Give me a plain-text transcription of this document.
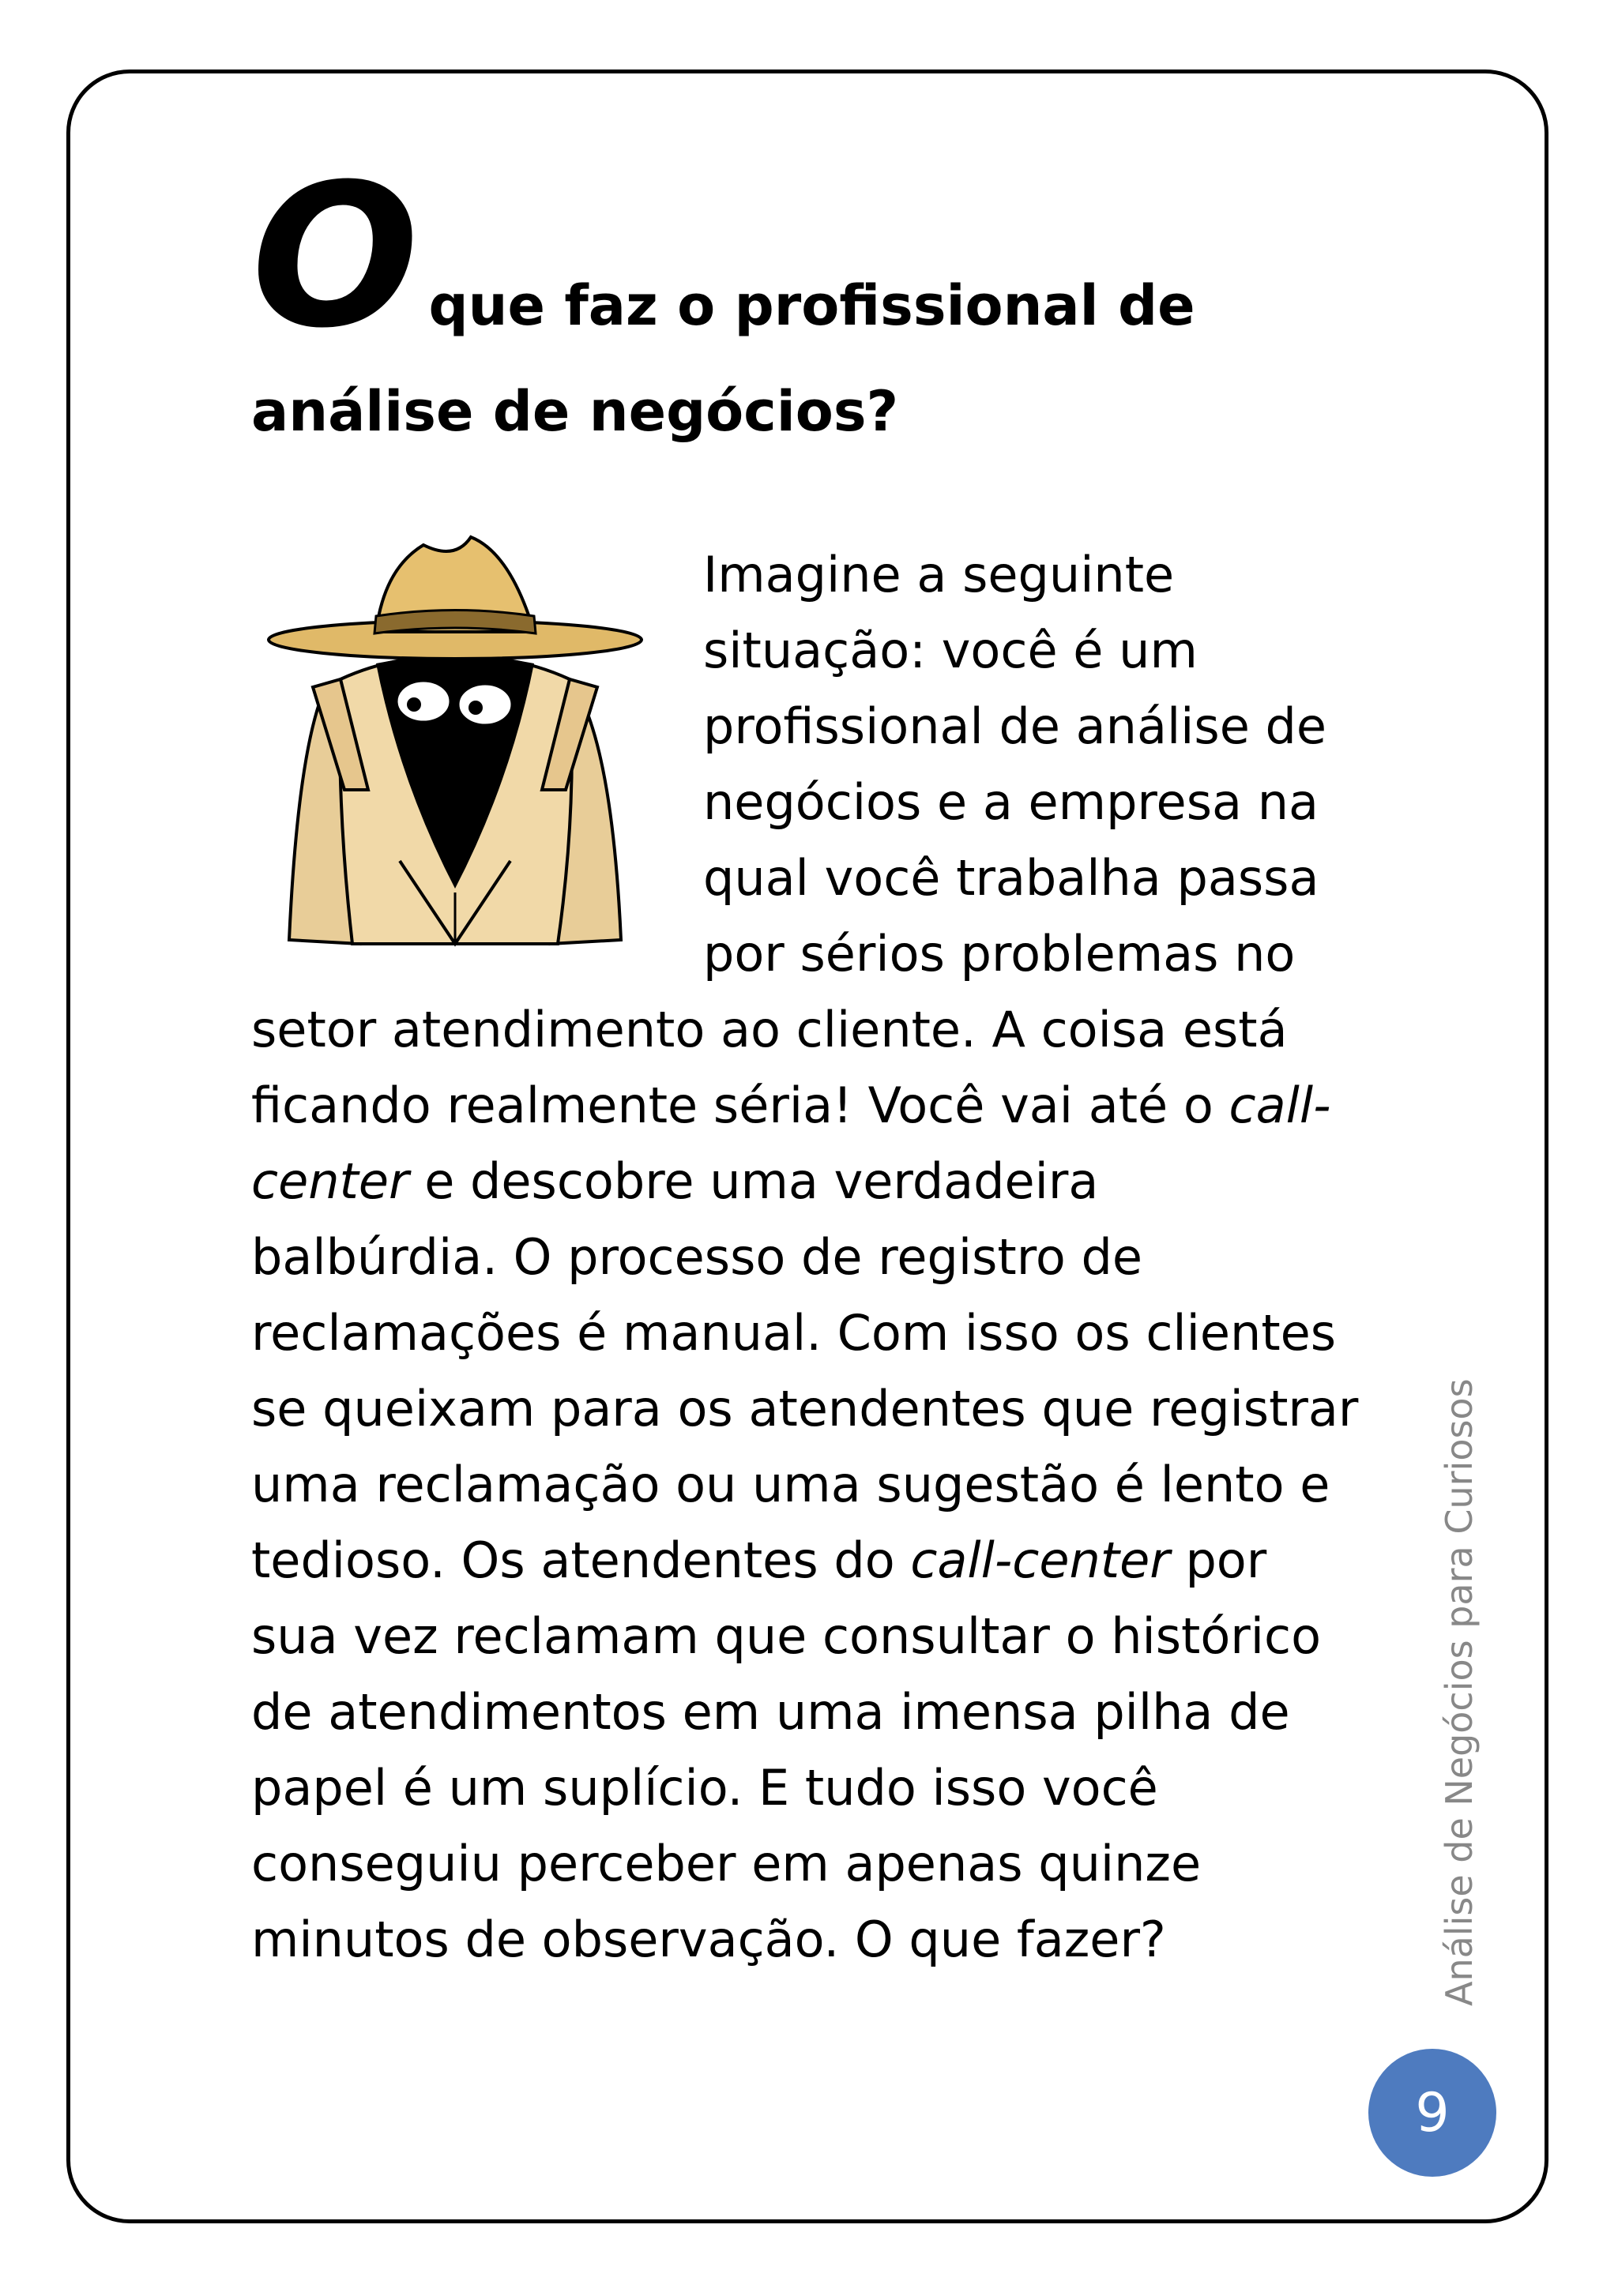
Oque faz o profissional de
análise de negócios?
Imagine a seguinte
situação: você é um
profissional de análise de
negócios e a empresa na
qual você trabalha passa
por sérios problemas no
setor atendimento ao cliente. A coisa está
ficando realmente séria! Você vai até o call-
center e descobre uma verdadeira
balbúrdia. O processo de registro de
reclamações é manual. Com isso os clientes
se queixam para os atendentes que registrar
uma reclamação ou uma sugestão é lento e
tedioso. Os atendentes do call-center por
sua vez reclamam que consultar o histórico
de atendimentos em uma imensa pilha de
papel é um suplício. E tudo isso você
conseguiu perceber em apenas quinze
minutos de observação. O que fazer?	Análise de Negócios para Curiosos
9
